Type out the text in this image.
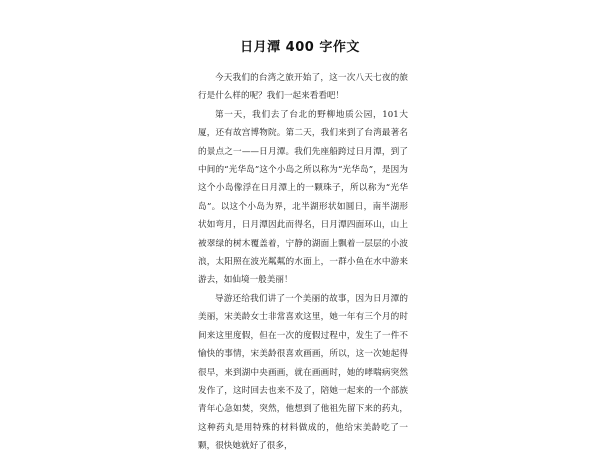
日月潭 400 字作文

今天我们的台湾之旅开始了，这一次八天七夜的旅行是什么样的呢？我们一起来看看吧！

第一天，我们去了台北的野柳地质公园，101大厦，还有故宫博物院。第二天，我们来到了台湾最著名的景点之一——日月潭。我们先座船跨过日月潭，到了中间的“光华岛”这个小岛之所以称为“光华岛”，是因为这个小岛像浮在日月潭上的一颗珠子，所以称为“光华岛”。以这个小岛为界，北半湖形状如圆日，南半湖形状如弯月，日月潭因此而得名，日月潭四面环山，山上被翠绿的树木覆盖着，宁静的湖面上飘着一层层的小波浪，太阳照在波光粼粼的水面上，一群小鱼在水中游来游去，如仙境一般美丽！

导游还给我们讲了一个美丽的故事，因为日月潭的美丽，宋美龄女士非常喜欢这里，她一年有三个月的时间来这里度假，但在一次的度假过程中，发生了一件不愉快的事情，宋美龄很喜欢画画，所以，这一次她起得很早，来到湖中央画画，就在画画时，她的哮喘病突然发作了，这时回去也来不及了，陪她一起来的一个部族青年心急如焚，突然，他想到了他祖先留下来的药丸，这种药丸是用特殊的材料做成的，他给宋美龄吃了一颗，很快她就好了很多，
